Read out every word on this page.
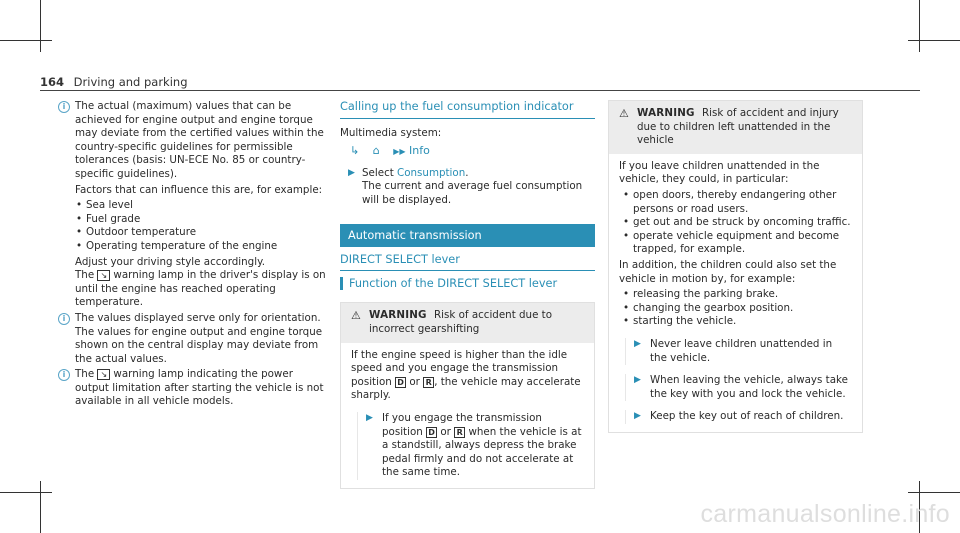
164 Driving and parking

i The actual (maximum) values that can be achieved for engine output and engine torque may deviate from the certified values within the country-specific guidelines for permissible tolerances (basis: UN-ECE No. 85 or country-specific guidelines).

Factors that can influence this are, for example:

• Sea level
• Fuel grade
• Outdoor temperature
• Operating temperature of the engine

Adjust your driving style accordingly.

The ↘ warning lamp in the driver's display is on until the engine has reached operating temperature.

i The values displayed serve only for orientation. The values for engine output and engine torque shown on the central display may deviate from the actual values.

i The ↘ warning lamp indicating the power output limitation after starting the vehicle is not available in all vehicle models.

Calling up the fuel consumption indicator

Multimedia system:

↳ ⌂ ▶▶ Info
▶ Select Consumption.
The current and average fuel consumption will be displayed.
Automatic transmission
DIRECT SELECT lever
Function of the DIRECT SELECT lever
⚠ WARNING Risk of accident due to incorrect gearshifting
If the engine speed is higher than the idle speed and you engage the transmission position D or R , the vehicle may accelerate sharply.
▶ If you engage the transmission position D or R when the vehicle is at a standstill, always depress the brake pedal firmly and do not accelerate at the same time.
⚠ WARNING Risk of accident and injury due to children left unattended in the vehicle

If you leave children unattended in the vehicle, they could, in particular:

• open doors, thereby endangering other persons or road users.
• get out and be struck by oncoming traffic.
• operate vehicle equipment and become trapped, for example.

In addition, the children could also set the vehicle in motion by, for example:

• releasing the parking brake.
• changing the gearbox position.
• starting the vehicle.
▶ Never leave children unattended in the vehicle.
▶ When leaving the vehicle, always take the key with you and lock the vehicle.
▶ Keep the key out of reach of children.
carmanualsonline.info
